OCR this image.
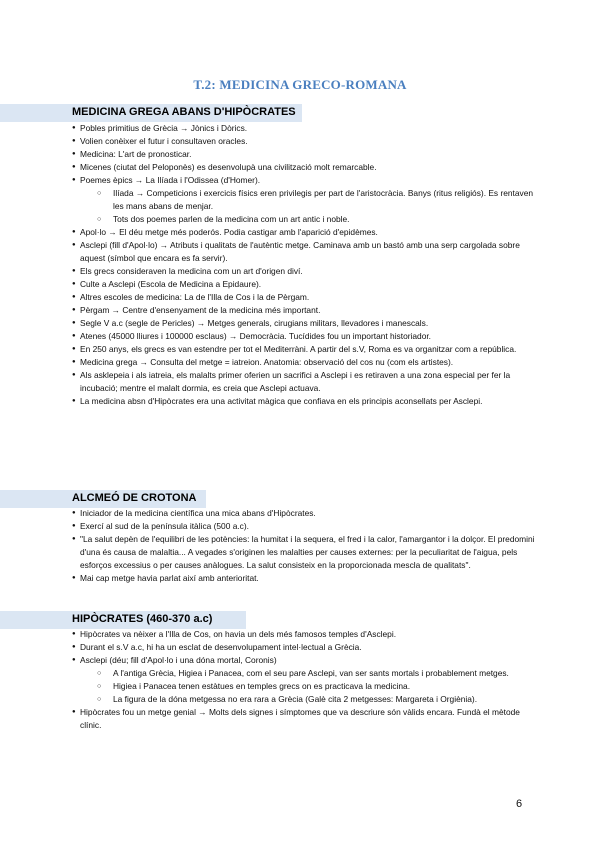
T.2: MEDICINA GRECO-ROMANA
MEDICINA GREGA ABANS D'HIPÒCRATES
● Pobles primitius de Grècia → Jònics i Dòrics.
● Volien conèixer el futur i consultaven oracles.
● Medicina: L'art de pronosticar.
● Micenes (ciutat del Peloponès) es desenvolupà una civilització molt remarcable.
● Poemes èpics → La Ilíada i l'Odissea (d'Homer).
○ Ilíada → Competicions i exercicis físics eren privilegis per part de l'aristocràcia. Banys (ritus religiós). Es rentaven les mans abans de menjar.
○ Tots dos poemes parlen de la medicina com un art antic i noble.
● Apol·lo → El déu metge més poderós. Podia castigar amb l'aparició d'epidèmes.
● Asclepi (fill d'Apol·lo) → Atributs i qualitats de l'autèntic metge. Caminava amb un bastó amb una serp cargolada sobre aquest (símbol que encara es fa servir).
● Els grecs consideraven la medicina com un art d'origen diví.
● Culte a Asclepi (Escola de Medicina a Epidaure).
● Altres escoles de medicina: La de l'Illa de Cos i la de Pèrgam.
● Pèrgam → Centre d'ensenyament de la medicina més important.
● Segle V a.c (segle de Pericles) → Metges generals, cirugians militars, llevadores i manescals.
● Atenes (45000 lliures i 100000 esclaus) → Democràcia. Tucídides fou un important historiador.
● En 250 anys, els grecs es van estendre per tot el Mediterràni. A partir del s.V, Roma es va organitzar com a república.
● Medicina grega → Consulta del metge = iatreion. Anatomia: observació del cos nu (com els artistes).
● Als asklepeia i als iatreia, els malalts primer oferien un sacrifici a Asclepi i es retiraven a una zona especial per fer la incubació; mentre el malalt dormia, es creia que Asclepi actuava.
● La medicina absn d'Hipòcrates era una activitat màgica que confiava en els principis aconsellats per Asclepi.
ALCMEÓ DE CROTONA
● Iniciador de la medicina científica una mica abans d'Hipòcrates.
● Exercí al sud de la península itàlica (500 a.c).
● "La salut depèn de l'equilibri de les potències: la humitat i la sequera, el fred i la calor, l'amargantor i la dolçor. El predomini d'una és causa de malaltia... A vegades s'originen les malalties per causes externes: per la peculiaritat de l'aigua, pels esforços excessius o per causes anàlogues. La salut consisteix en la proporcionada mescla de qualitats".
● Mai cap metge havia parlat així amb anterioritat.
HIPÒCRATES (460-370 a.c)
● Hipòcrates va nèixer a l'Illa de Cos, on havia un dels més famosos temples d'Asclepi.
● Durant el s.V a.c, hi ha un esclat de desenvolupament intel·lectual a Grècia.
● Asclepi (déu; fill d'Apol·lo i una dóna mortal, Coronis)
○ A l'antiga Grècia, Higiea i Panacea, com el seu pare Asclepi, van ser sants mortals i probablement metges.
○ Higiea i Panacea tenen estàtues en temples grecs on es practicava la medicina.
○ La figura de la dóna metgessa no era rara a Grècia (Galè cita 2 metgesses: Margareta i Orgiènia).
● Hipòcrates fou un metge genial → Molts dels signes i símptomes que va descriure són vàlids encara. Fundà el mètode clínic.
6
